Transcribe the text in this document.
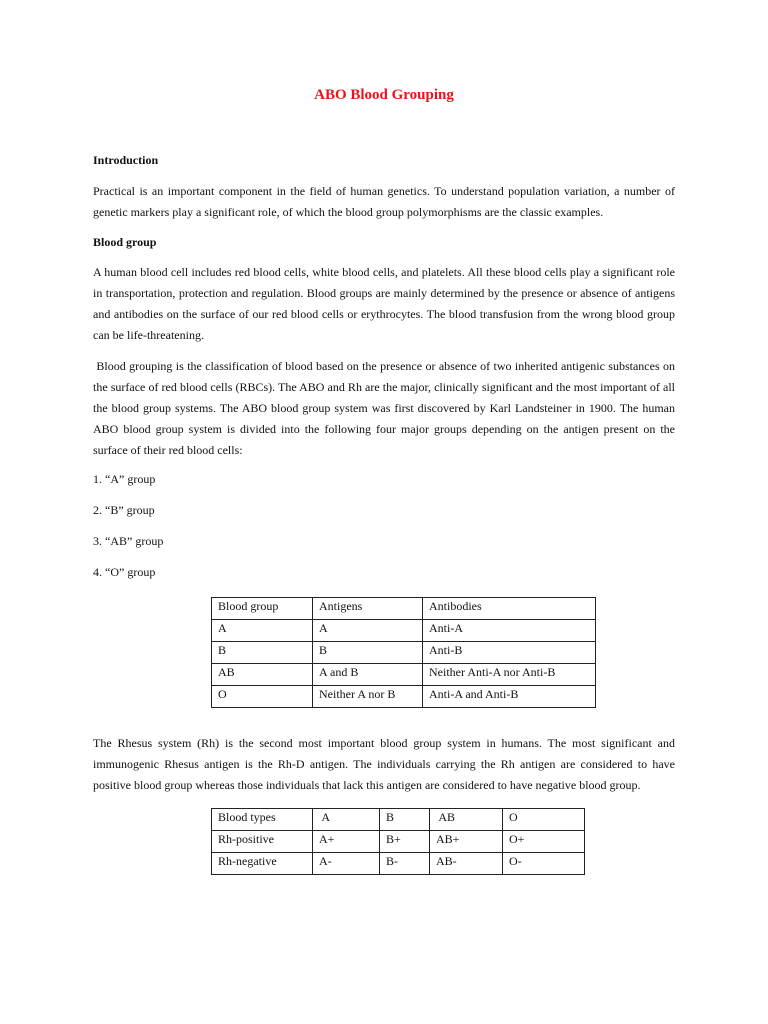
ABO Blood Grouping

Introduction

Practical is an important component in the field of human genetics. To understand population variation, a number of genetic markers play a significant role, of which the blood group polymorphisms are the classic examples.

Blood group

A human blood cell includes red blood cells, white blood cells, and platelets. All these blood cells play a significant role in transportation, protection and regulation. Blood groups are mainly determined by the presence or absence of antigens and antibodies on the surface of our red blood cells or erythrocytes. The blood transfusion from the wrong blood group can be life-threatening.

Blood grouping is the classification of blood based on the presence or absence of two inherited antigenic substances on the surface of red blood cells (RBCs). The ABO and Rh are the major, clinically significant and the most important of all the blood group systems. The ABO blood group system was first discovered by Karl Landsteiner in 1900. The human ABO blood group system is divided into the following four major groups depending on the antigen present on the surface of their red blood cells:

1. “A” group

2. “B” group

3. “AB” group

4. “O” group

Blood group	Antigens	Antibodies
A	A	Anti-A
B	B	Anti-B
AB	A and B	Neither Anti-A nor Anti-B
O	Neither A nor B	Anti-A and Anti-B

The Rhesus system (Rh) is the second most important blood group system in humans. The most significant and immunogenic Rhesus antigen is the Rh-D antigen. The individuals carrying the Rh antigen are considered to have positive blood group whereas those individuals that lack this antigen are considered to have negative blood group.

Blood types	A	B	AB	O
Rh-positive	A+	B+	AB+	O+
Rh-negative	A-	B-	AB-	O-
